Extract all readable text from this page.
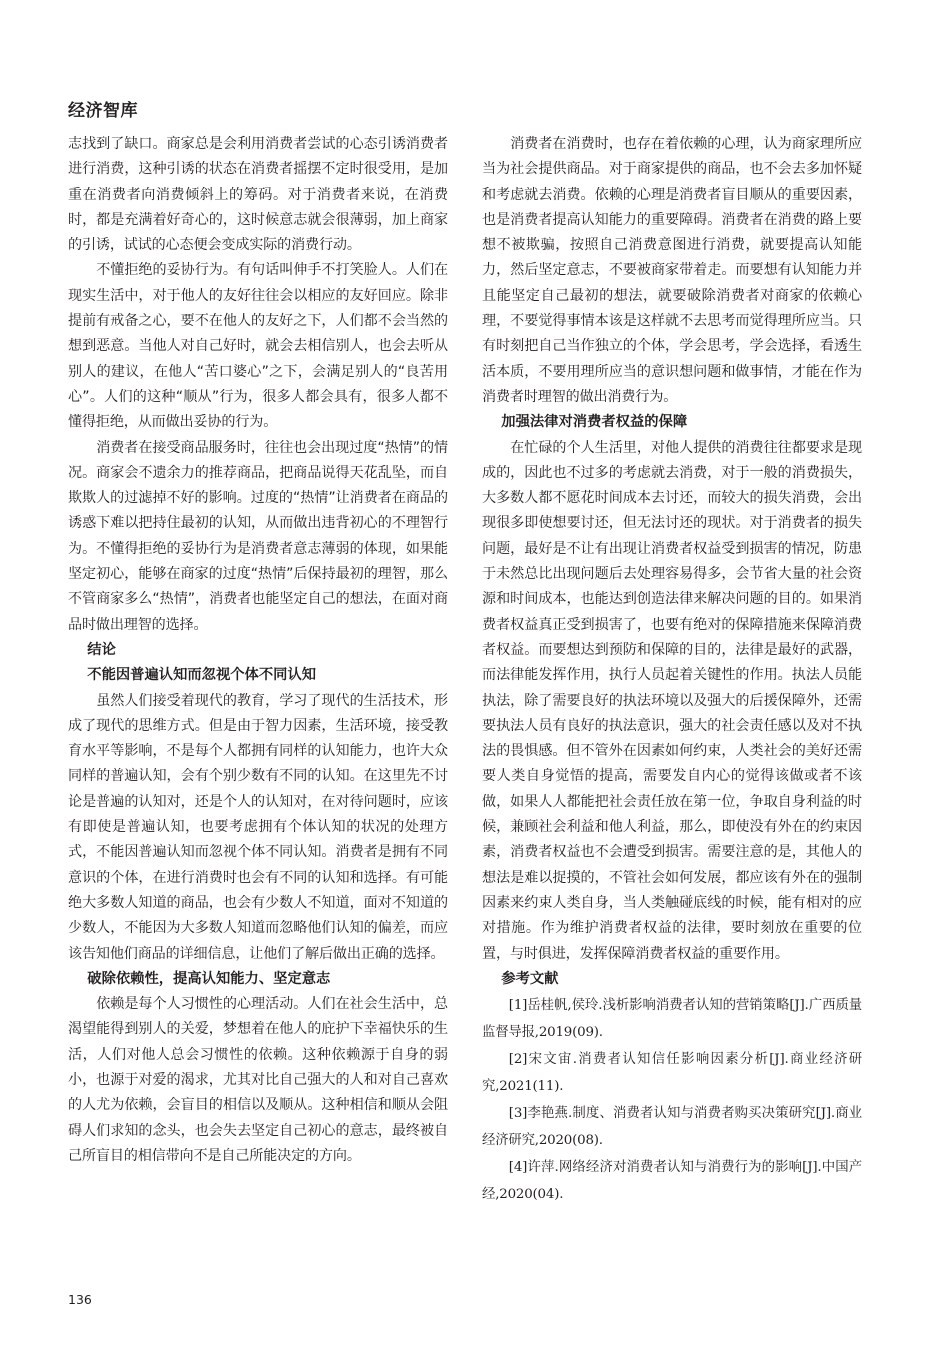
经济智库

志找到了缺口。商家总是会利用消费者尝试的心态引诱消费者进行消费，这种引诱的状态在消费者摇摆不定时很受用，是加重在消费者向消费倾斜上的筹码。对于消费者来说，在消费时，都是充满着好奇心的，这时候意志就会很薄弱，加上商家的引诱，试试的心态便会变成实际的消费行动。

不懂拒绝的妥协行为。有句话叫伸手不打笑脸人。人们在现实生活中，对于他人的友好往往会以相应的友好回应。除非提前有戒备之心，要不在他人的友好之下，人们都不会当然的想到恶意。当他人对自己好时，就会去相信别人，也会去听从别人的建议，在他人“苦口婆心”之下，会满足别人的“良苦用心”。人们的这种“顺从”行为，很多人都会具有，很多人都不懂得拒绝，从而做出妥协的行为。

消费者在接受商品服务时，往往也会出现过度“热情”的情况。商家会不遗余力的推荐商品，把商品说得天花乱坠，而自欺欺人的过滤掉不好的影响。过度的“热情”让消费者在商品的诱惑下难以把持住最初的认知，从而做出违背初心的不理智行为。不懂得拒绝的妥协行为是消费者意志薄弱的体现，如果能坚定初心，能够在商家的过度“热情”后保持最初的理智，那么不管商家多么“热情”，消费者也能坚定自己的想法，在面对商品时做出理智的选择。

结论

不能因普遍认知而忽视个体不同认知

虽然人们接受着现代的教育，学习了现代的生活技术，形成了现代的思维方式。但是由于智力因素，生活环境，接受教育水平等影响，不是每个人都拥有同样的认知能力，也许大众同样的普遍认知，会有个别少数有不同的认知。在这里先不讨论是普遍的认知对，还是个人的认知对，在对待问题时，应该有即使是普遍认知，也要考虑拥有个体认知的状况的处理方式，不能因普遍认知而忽视个体不同认知。消费者是拥有不同意识的个体，在进行消费时也会有不同的认知和选择。有可能绝大多数人知道的商品，也会有少数人不知道，面对不知道的少数人，不能因为大多数人知道而忽略他们认知的偏差，而应该告知他们商品的详细信息，让他们了解后做出正确的选择。

破除依赖性，提高认知能力、坚定意志

依赖是每个人习惯性的心理活动。人们在社会生活中，总渴望能得到别人的关爱，梦想着在他人的庇护下幸福快乐的生活，人们对他人总会习惯性的依赖。这种依赖源于自身的弱小，也源于对爱的渴求，尤其对比自己强大的人和对自己喜欢的人尤为依赖，会盲目的相信以及顺从。这种相信和顺从会阻碍人们求知的念头，也会失去坚定自己初心的意志，最终被自己所盲目的相信带向不是自己所能决定的方向。

消费者在消费时，也存在着依赖的心理，认为商家理所应当为社会提供商品。对于商家提供的商品，也不会去多加怀疑和考虑就去消费。依赖的心理是消费者盲目顺从的重要因素，也是消费者提高认知能力的重要障碍。消费者在消费的路上要想不被欺骗，按照自己消费意图进行消费，就要提高认知能力，然后坚定意志，不要被商家带着走。而要想有认知能力并且能坚定自己最初的想法，就要破除消费者对商家的依赖心理，不要觉得事情本该是这样就不去思考而觉得理所应当。只有时刻把自己当作独立的个体，学会思考，学会选择，看透生活本质，不要用理所应当的意识想问题和做事情，才能在作为消费者时理智的做出消费行为。

加强法律对消费者权益的保障

在忙碌的个人生活里，对他人提供的消费往往都要求是现成的，因此也不过多的考虑就去消费，对于一般的消费损失，大多数人都不愿花时间成本去讨还，而较大的损失消费，会出现很多即使想要讨还，但无法讨还的现状。对于消费者的损失问题，最好是不让有出现让消费者权益受到损害的情况，防患于未然总比出现问题后去处理容易得多，会节省大量的社会资源和时间成本，也能达到创造法律来解决问题的目的。如果消费者权益真正受到损害了，也要有绝对的保障措施来保障消费者权益。而要想达到预防和保障的目的，法律是最好的武器，而法律能发挥作用，执行人员起着关键性的作用。执法人员能执法，除了需要良好的执法环境以及强大的后援保障外，还需要执法人员有良好的执法意识，强大的社会责任感以及对不执法的畏惧感。但不管外在因素如何约束，人类社会的美好还需要人类自身觉悟的提高，需要发自内心的觉得该做或者不该做，如果人人都能把社会责任放在第一位，争取自身利益的时候，兼顾社会利益和他人利益，那么，即使没有外在的约束因素，消费者权益也不会遭受到损害。需要注意的是，其他人的想法是难以捉摸的，不管社会如何发展，都应该有外在的强制因素来约束人类自身，当人类触碰底线的时候，能有相对的应对措施。作为维护消费者权益的法律，要时刻放在重要的位置，与时俱进，发挥保障消费者权益的重要作用。

参考文献

[1]岳桂帆,侯玲.浅析影响消费者认知的营销策略[J].广西质量监督导报,2019(09).

[2]宋文宙.消费者认知信任影响因素分析[J].商业经济研究,2021(11).

[3]李艳燕.制度、消费者认知与消费者购买决策研究[J].商业经济研究,2020(08).

[4]许萍.网络经济对消费者认知与消费行为的影响[J].中国产经,2020(04).

136
